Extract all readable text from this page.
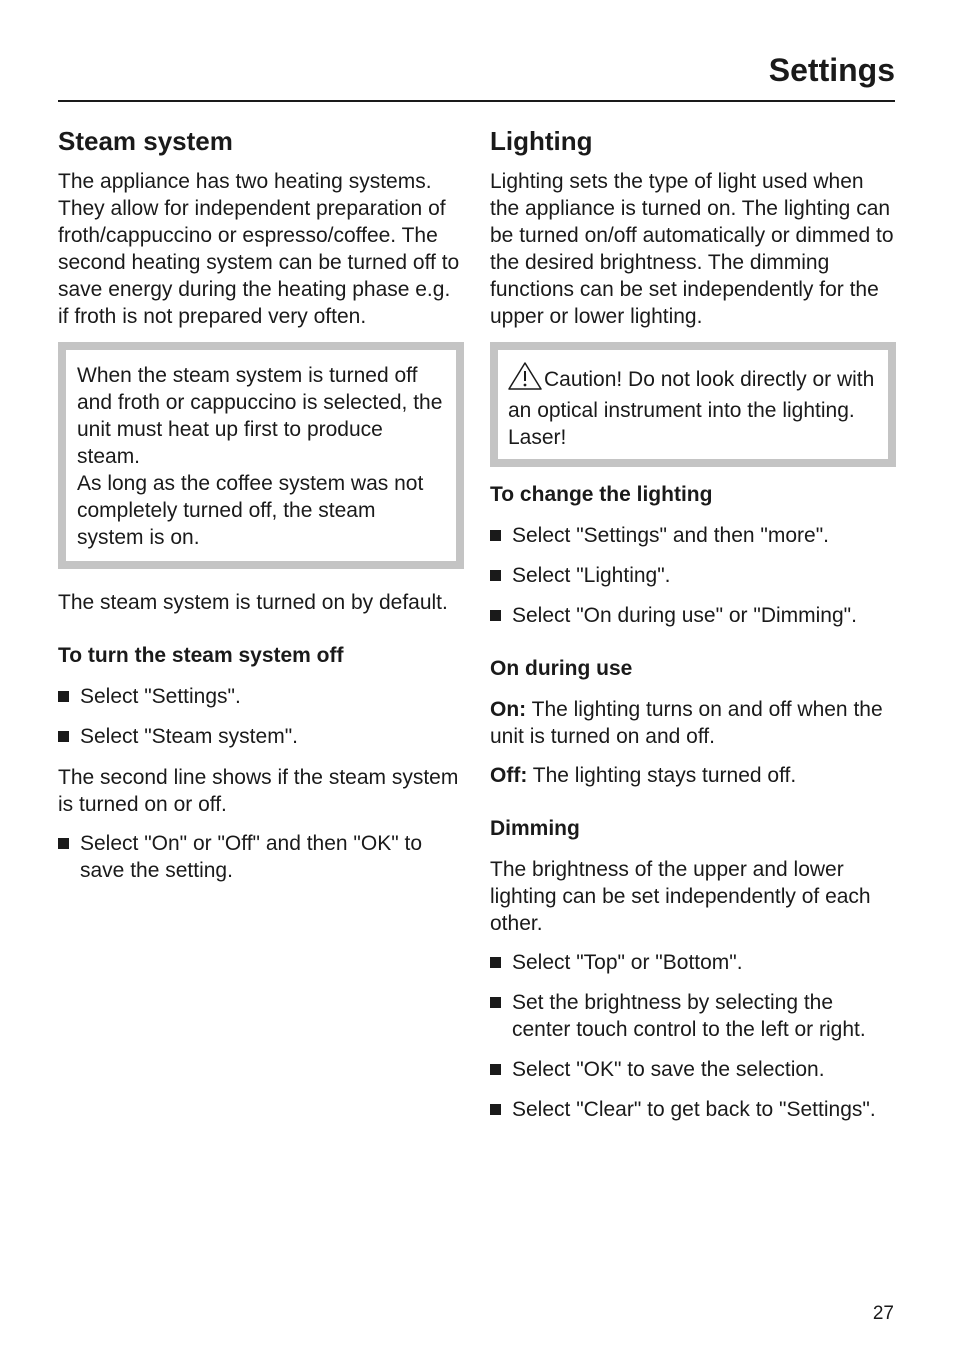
Settings
Steam system

The appliance has two heating systems. They allow for independent preparation of froth/cappuccino or espresso/coffee. The second heating system can be turned off to save energy during the heating phase e.g. if froth is not prepared very often.

When the steam system is turned off and froth or cappuccino is selected, the unit must heat up first to produce steam.

As long as the coffee system was not completely turned off, the steam system is on.

The steam system is turned on by default.

To turn the steam system off
Select "Settings".
Select "Steam system".

The second line shows if the steam system is turned on or off.

Select "On" or "Off" and then "OK" to save the setting.
Lighting

Lighting sets the type of light used when the appliance is turned on. The lighting can be turned on/off automatically or dimmed to the desired brightness. The dimming functions can be set independently for the upper or lower lighting.

Caution! Do not look directly or with an optical instrument into the lighting. Laser!

To change the lighting
Select "Settings" and then "more".
Select "Lighting".
Select "On during use" or "Dimming".
On during use

On: The lighting turns on and off when the unit is turned on and off.

Off: The lighting stays turned off.

Dimming

The brightness of the upper and lower lighting can be set independently of each other.

Select "Top" or "Bottom".
Set the brightness by selecting the center touch control to the left or right.
Select "OK" to save the selection.
Select "Clear" to get back to "Settings".
27
